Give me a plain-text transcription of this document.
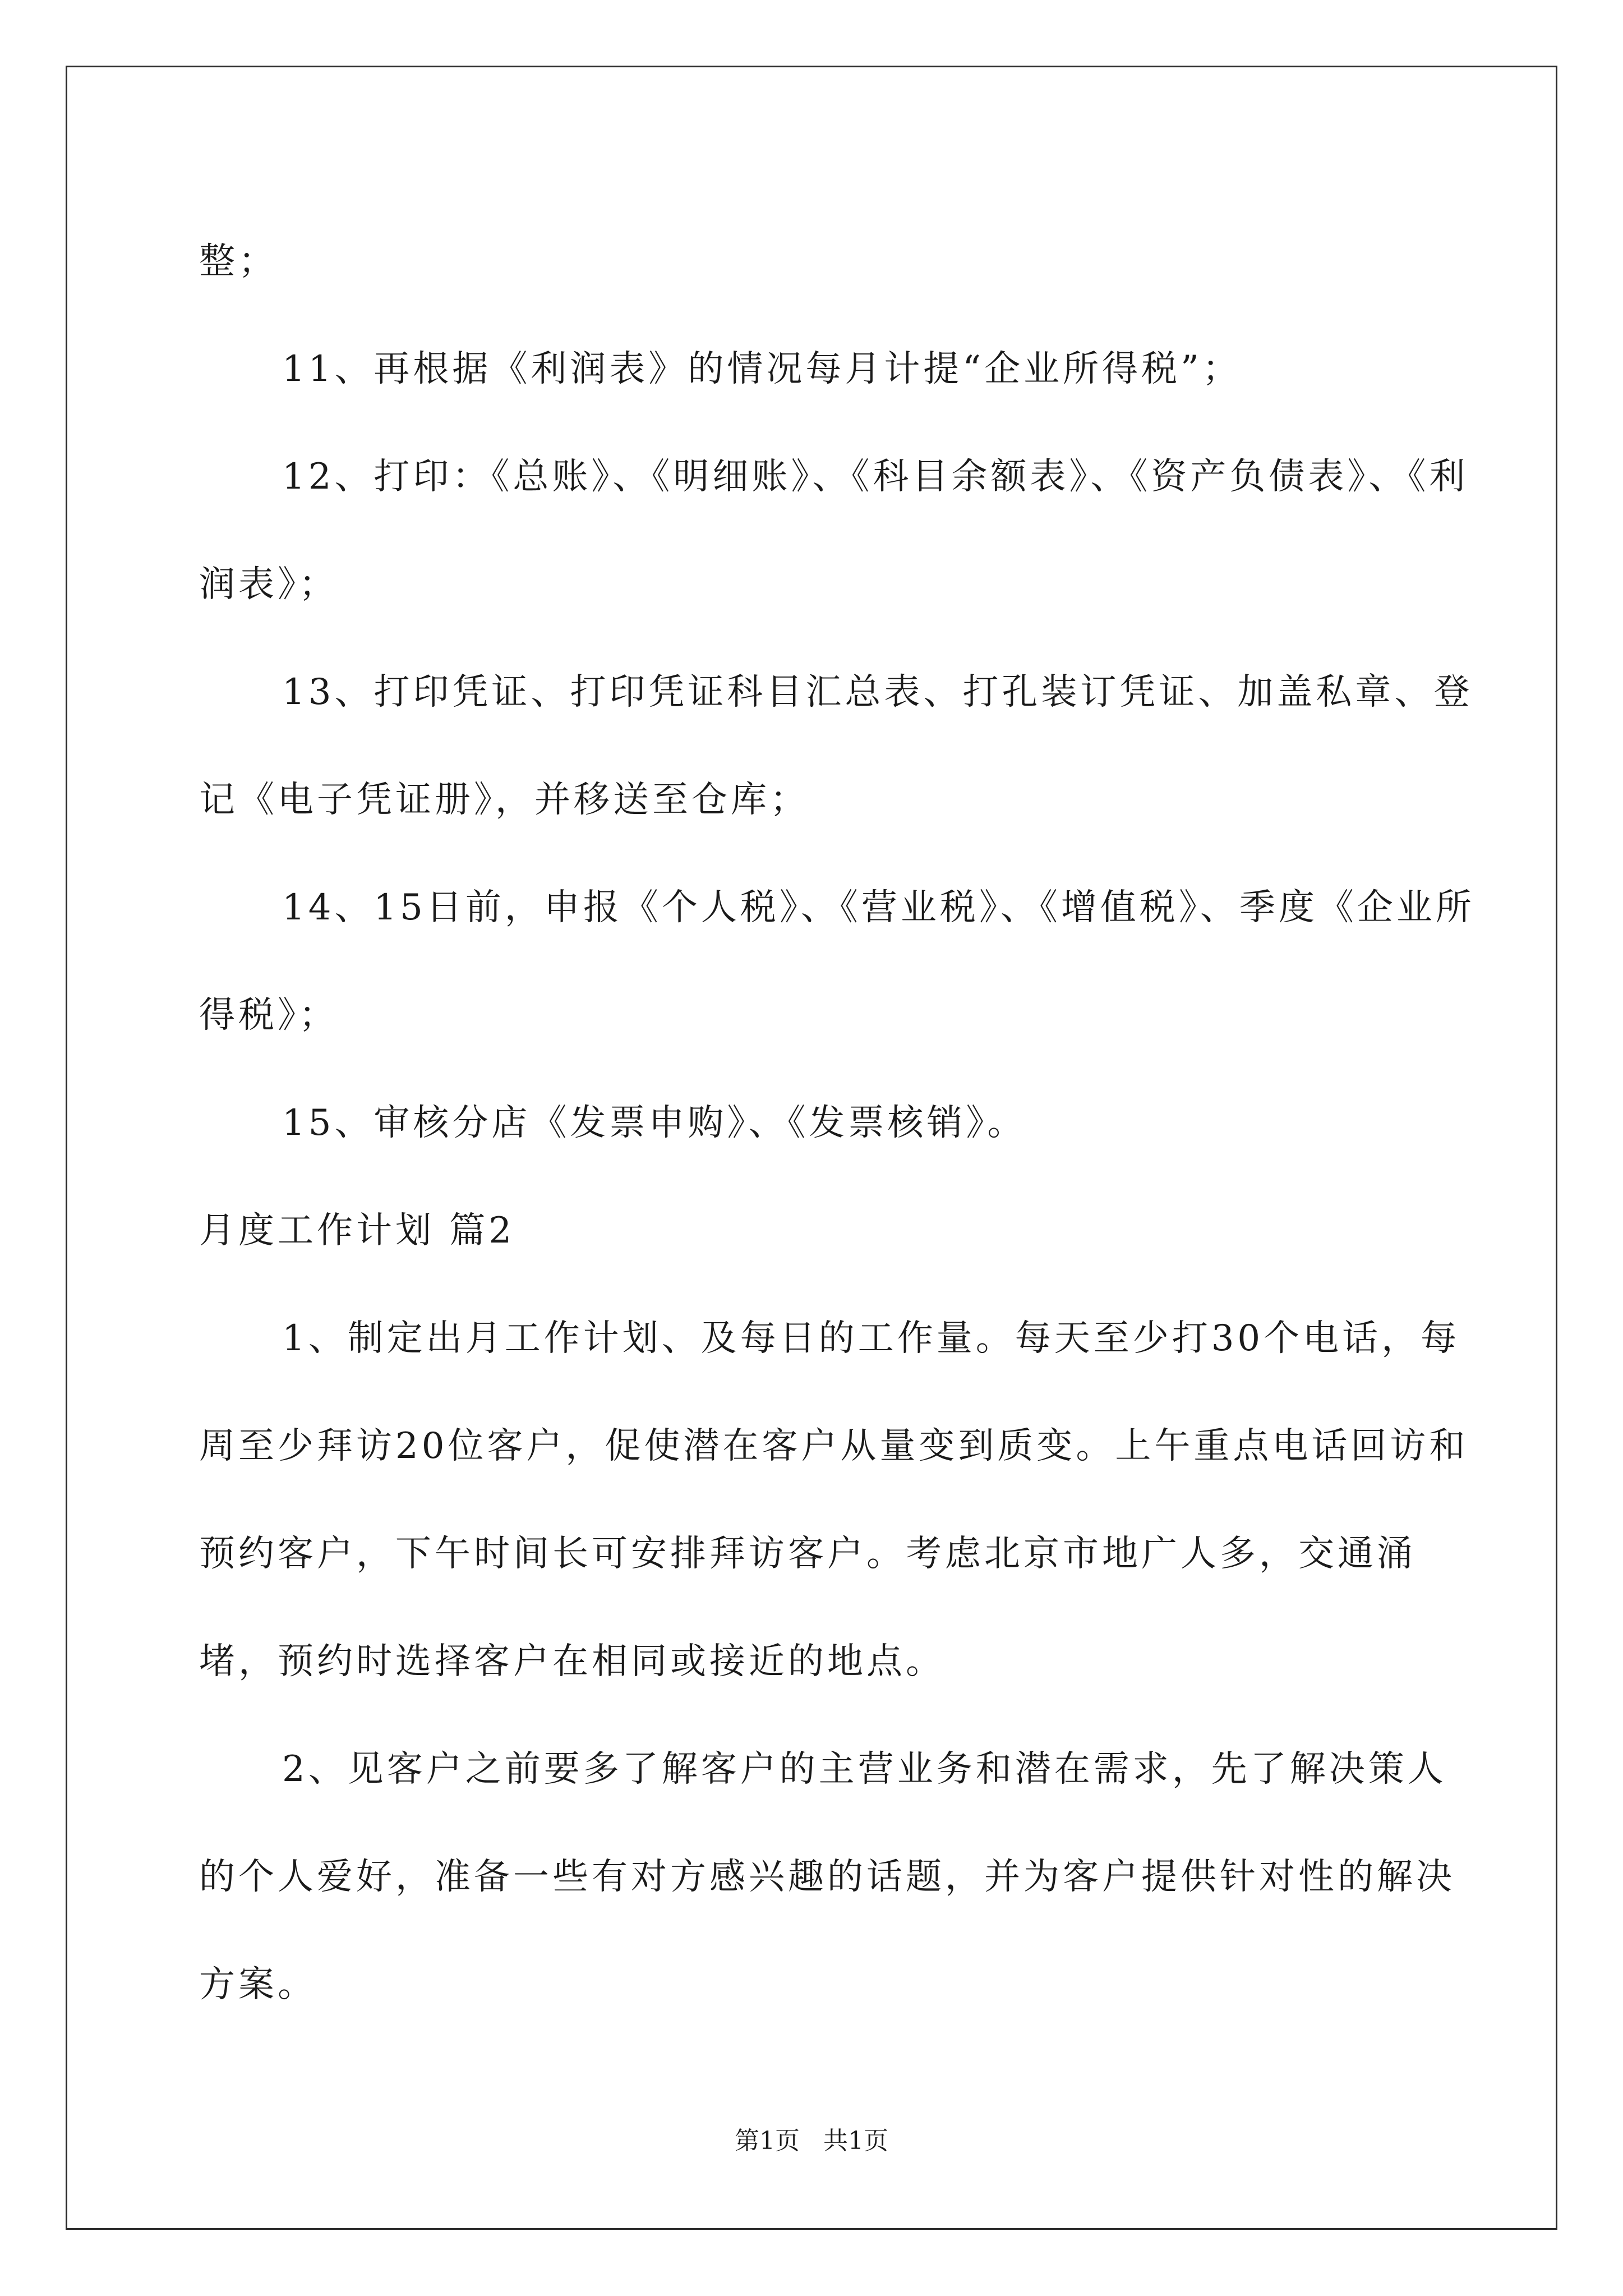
整；

11、再根据《利润表》的情况每月计提“企业所得税”；

12、打印：《总账》、《明细账》、《科目余额表》、《资产负债表》、《利润表》；

13、打印凭证、打印凭证科目汇总表、打孔装订凭证、加盖私章、登记《电子凭证册》，并移送至仓库；

14、15日前，申报《个人税》、《营业税》、《增值税》、季度《企业所得税》；

15、审核分店《发票申购》、《发票核销》。

月度工作计划 篇2

1、制定出月工作计划、及每日的工作量。每天至少打30个电话，每周至少拜访20位客户，促使潜在客户从量变到质变。上午重点电话回访和预约客户，下午时间长可安排拜访客户。考虑北京市地广人多，交通涌堵，预约时选择客户在相同或接近的地点。

2、见客户之前要多了解客户的主营业务和潜在需求，先了解决策人的个人爱好，准备一些有对方感兴趣的话题，并为客户提供针对性的解决方案。

第1页 共1页
